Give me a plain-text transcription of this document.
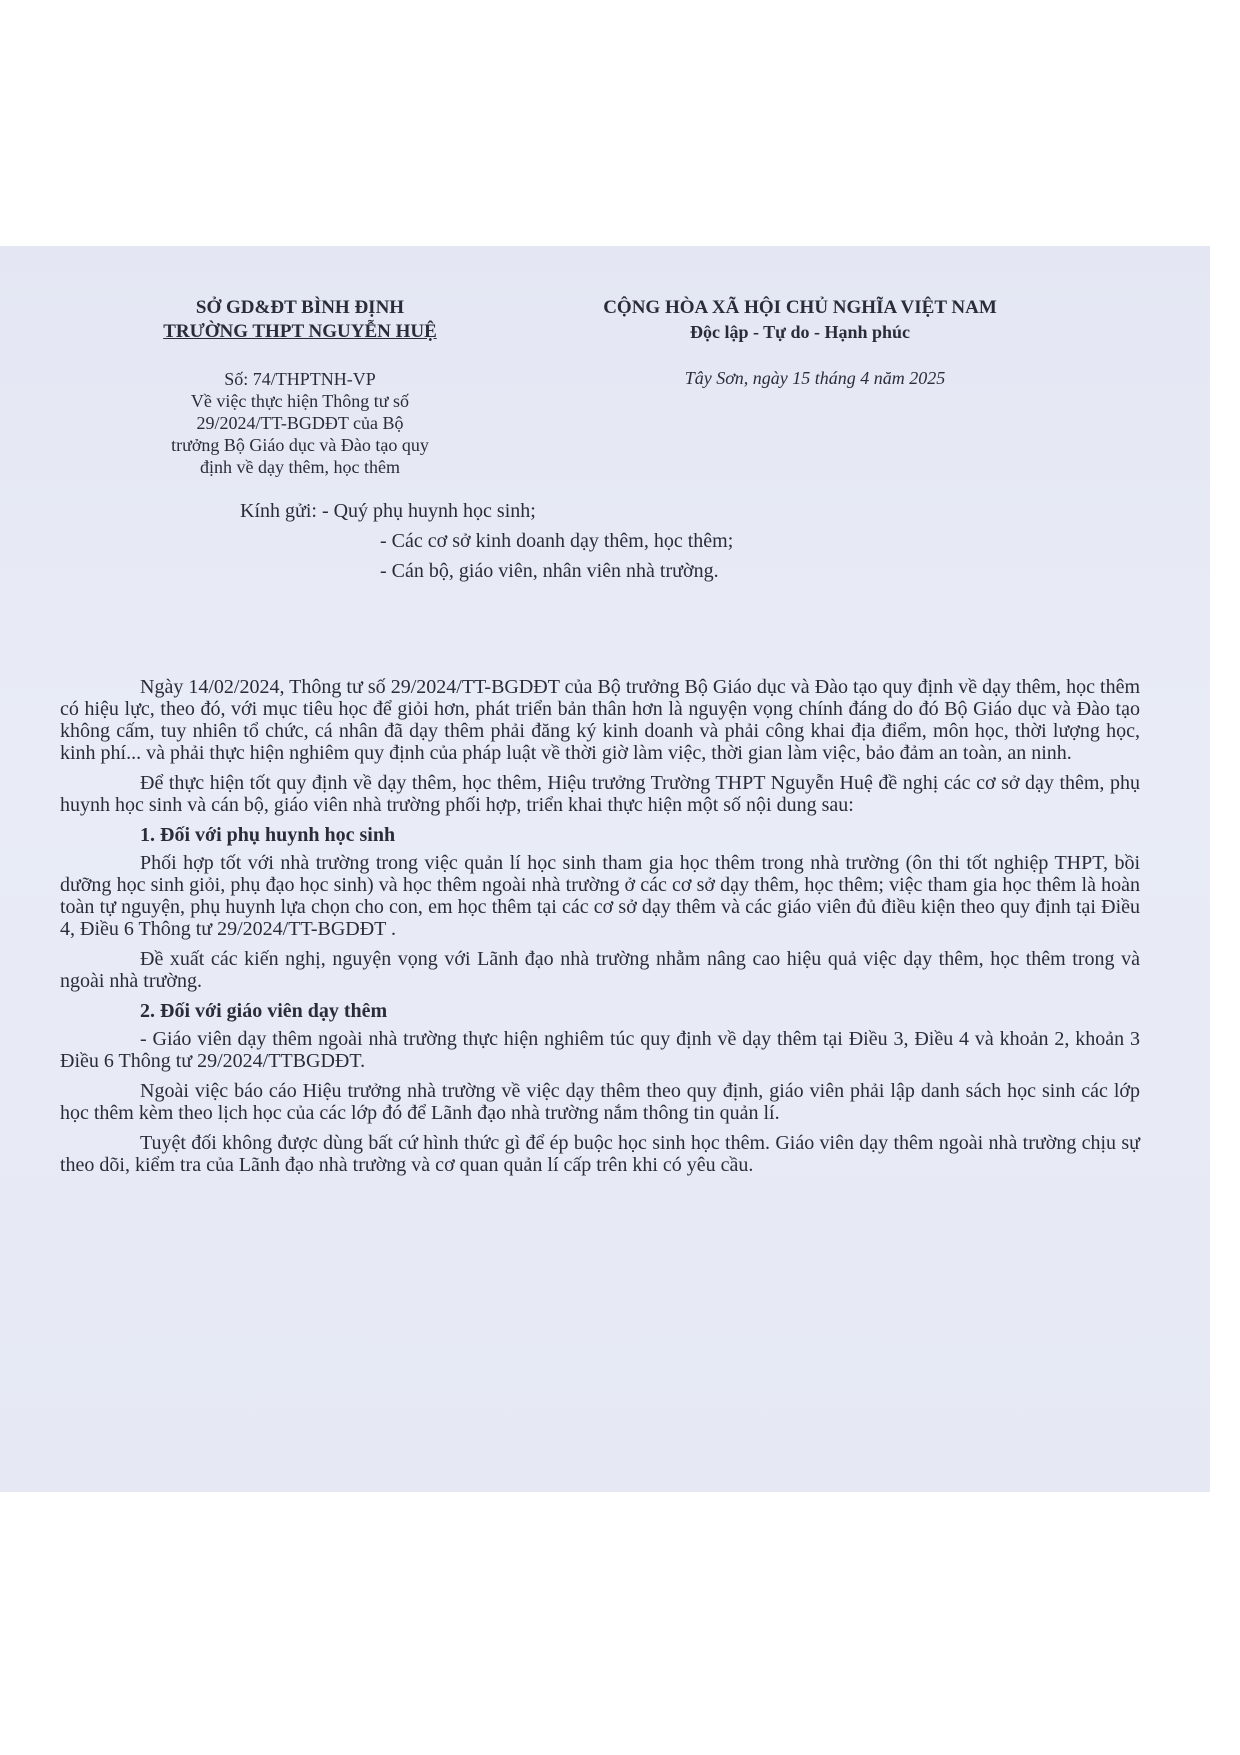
SỞ GD&ĐT BÌNH ĐỊNH
TRƯỜNG THPT NGUYỄN HUỆ
CỘNG HÒA XÃ HỘI CHỦ NGHĨA VIỆT NAM
Độc lập - Tự do - Hạnh phúc
Số: 74/THPTNH-VP
Về việc thực hiện Thông tư số
29/2024/TT-BGDĐT của Bộ
trưởng Bộ Giáo dục và Đào tạo quy
định về dạy thêm, học thêm
Tây Sơn, ngày 15 tháng 4 năm 2025
Kính gửi: - Quý phụ huynh học sinh;
- Các cơ sở kinh doanh dạy thêm, học thêm;
- Cán bộ, giáo viên, nhân viên nhà trường.

Ngày 14/02/2024, Thông tư số 29/2024/TT-BGDĐT của Bộ trưởng Bộ Giáo dục và Đào tạo quy định về dạy thêm, học thêm có hiệu lực, theo đó, với mục tiêu học để giỏi hơn, phát triển bản thân hơn là nguyện vọng chính đáng do đó Bộ Giáo dục và Đào tạo không cấm, tuy nhiên tổ chức, cá nhân đã dạy thêm phải đăng ký kinh doanh và phải công khai địa điểm, môn học, thời lượng học, kinh phí... và phải thực hiện nghiêm quy định của pháp luật về thời giờ làm việc, thời gian làm việc, bảo đảm an toàn, an ninh.

Để thực hiện tốt quy định về dạy thêm, học thêm, Hiệu trưởng Trường THPT Nguyễn Huệ đề nghị các cơ sở dạy thêm, phụ huynh học sinh và cán bộ, giáo viên nhà trường phối hợp, triển khai thực hiện một số nội dung sau:

1. Đối với phụ huynh học sinh

Phối hợp tốt với nhà trường trong việc quản lí học sinh tham gia học thêm trong nhà trường (ôn thi tốt nghiệp THPT, bồi dưỡng học sinh giỏi, phụ đạo học sinh) và học thêm ngoài nhà trường ở các cơ sở dạy thêm, học thêm; việc tham gia học thêm là hoàn toàn tự nguyện, phụ huynh lựa chọn cho con, em học thêm tại các cơ sở dạy thêm và các giáo viên đủ điều kiện theo quy định tại Điều 4, Điều 6 Thông tư 29/2024/TT-BGDĐT .

Đề xuất các kiến nghị, nguyện vọng với Lãnh đạo nhà trường nhằm nâng cao hiệu quả việc dạy thêm, học thêm trong và ngoài nhà trường.

2. Đối với giáo viên dạy thêm

- Giáo viên dạy thêm ngoài nhà trường thực hiện nghiêm túc quy định về dạy thêm tại Điều 3, Điều 4 và khoản 2, khoản 3 Điều 6 Thông tư 29/2024/TTBGDĐT.

Ngoài việc báo cáo Hiệu trưởng nhà trường về việc dạy thêm theo quy định, giáo viên phải lập danh sách học sinh các lớp học thêm kèm theo lịch học của các lớp đó để Lãnh đạo nhà trường nắm thông tin quản lí.

Tuyệt đối không được dùng bất cứ hình thức gì để ép buộc học sinh học thêm. Giáo viên dạy thêm ngoài nhà trường chịu sự theo dõi, kiểm tra của Lãnh đạo nhà trường và cơ quan quản lí cấp trên khi có yêu cầu.
